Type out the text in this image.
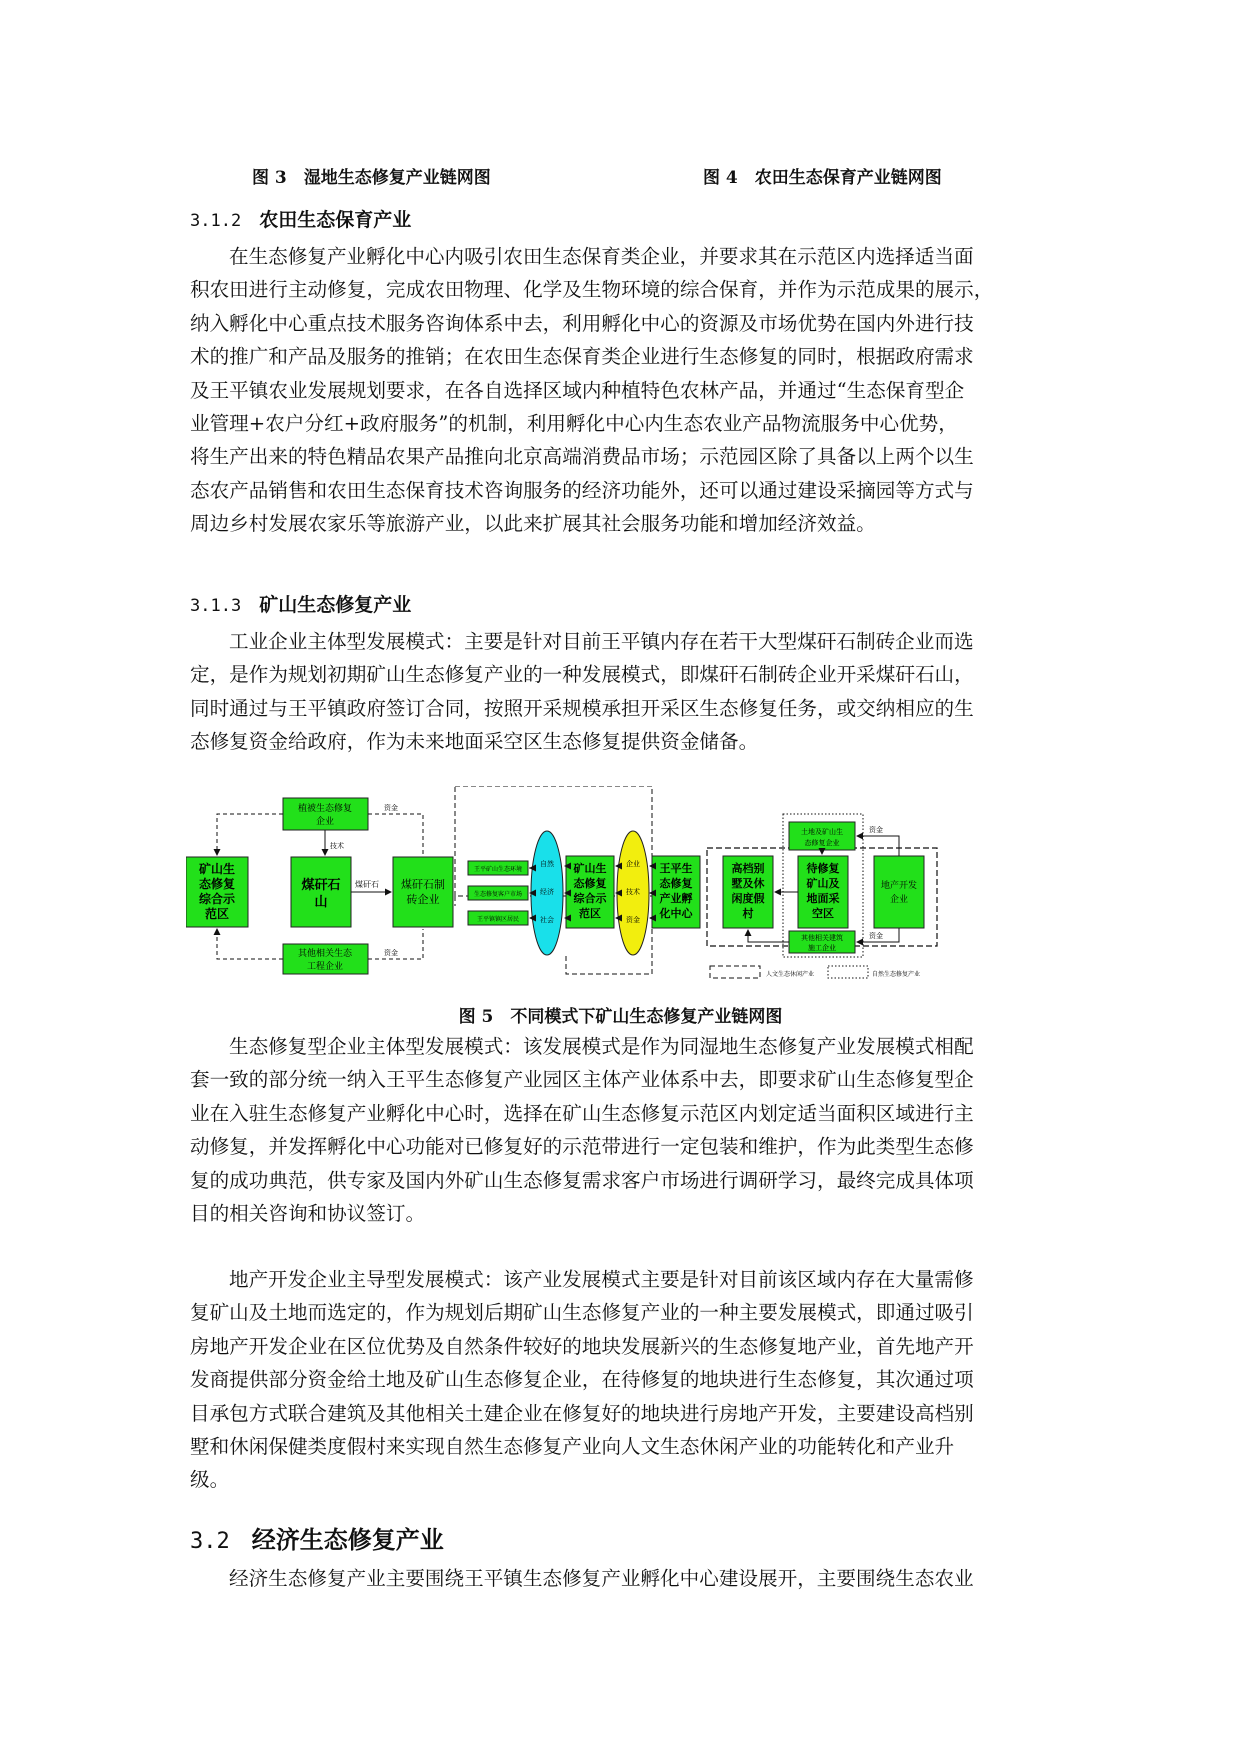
图 3　湿地生态修复产业链网图	图 4　农田生态保育产业链网图
3.1.2 农田生态保育产业
在生态修复产业孵化中心内吸引农田生态保育类企业，并要求其在示范区内选择适当面
积农田进行主动修复，完成农田物理、化学及生物环境的综合保育，并作为示范成果的展示，
纳入孵化中心重点技术服务咨询体系中去，利用孵化中心的资源及市场优势在国内外进行技
术的推广和产品及服务的推销；在农田生态保育类企业进行生态修复的同时，根据政府需求
及王平镇农业发展规划要求，在各自选择区域内种植特色农林产品，并通过“生态保育型企
业管理+农户分红+政府服务”的机制，利用孵化中心内生态农业产品物流服务中心优势，
将生产出来的特色精品农果产品推向北京高端消费品市场；示范园区除了具备以上两个以生
态农产品销售和农田生态保育技术咨询服务的经济功能外，还可以通过建设采摘园等方式与
周边乡村发展农家乐等旅游产业，以此来扩展其社会服务功能和增加经济效益。
3.1.3 矿山生态修复产业
工业企业主体型发展模式：主要是针对目前王平镇内存在若干大型煤矸石制砖企业而选
定，是作为规划初期矿山生态修复产业的一种发展模式，即煤矸石制砖企业开采煤矸石山，
同时通过与王平镇政府签订合同，按照开采规模承担开采区生态修复任务，或交纳相应的生
态修复资金给政府，作为未来地面采空区生态修复提供资金储备。
矿山生
态修复
综合示
范区
植被生态修复
企业
煤矸石
山
煤矸石制
砖企业
其他相关生态
工程企业
技术
煤矸石
资金
资金
王平矿山生态环境
生态修复客户市场
王平镇镇区居民
自然
经济
社会
矿山生
态修复
综合示
范区
企业
技术
资金
王平生
态修复
产业孵
化中心
土地及矿山生
态修复企业
高档别
墅及休
闲度假
村
待修复
矿山及
地面采
空区
地产开发
企业
其他相关建筑
施工企业
资金
资金
人文生态休闲产业	自然生态修复产业
图 5　不同模式下矿山生态修复产业链网图
生态修复型企业主体型发展模式：该发展模式是作为同湿地生态修复产业发展模式相配
套一致的部分统一纳入王平生态修复产业园区主体产业体系中去，即要求矿山生态修复型企
业在入驻生态修复产业孵化中心时，选择在矿山生态修复示范区内划定适当面积区域进行主
动修复，并发挥孵化中心功能对已修复好的示范带进行一定包装和维护，作为此类型生态修
复的成功典范，供专家及国内外矿山生态修复需求客户市场进行调研学习，最终完成具体项
目的相关咨询和协议签订。
地产开发企业主导型发展模式：该产业发展模式主要是针对目前该区域内存在大量需修
复矿山及土地而选定的，作为规划后期矿山生态修复产业的一种主要发展模式，即通过吸引
房地产开发企业在区位优势及自然条件较好的地块发展新兴的生态修复地产业，首先地产开
发商提供部分资金给土地及矿山生态修复企业，在待修复的地块进行生态修复，其次通过项
目承包方式联合建筑及其他相关土建企业在修复好的地块进行房地产开发，主要建设高档别
墅和休闲保健类度假村来实现自然生态修复产业向人文生态休闲产业的功能转化和产业升
级。
3.2 经济生态修复产业
经济生态修复产业主要围绕王平镇生态修复产业孵化中心建设展开，主要围绕生态农业
